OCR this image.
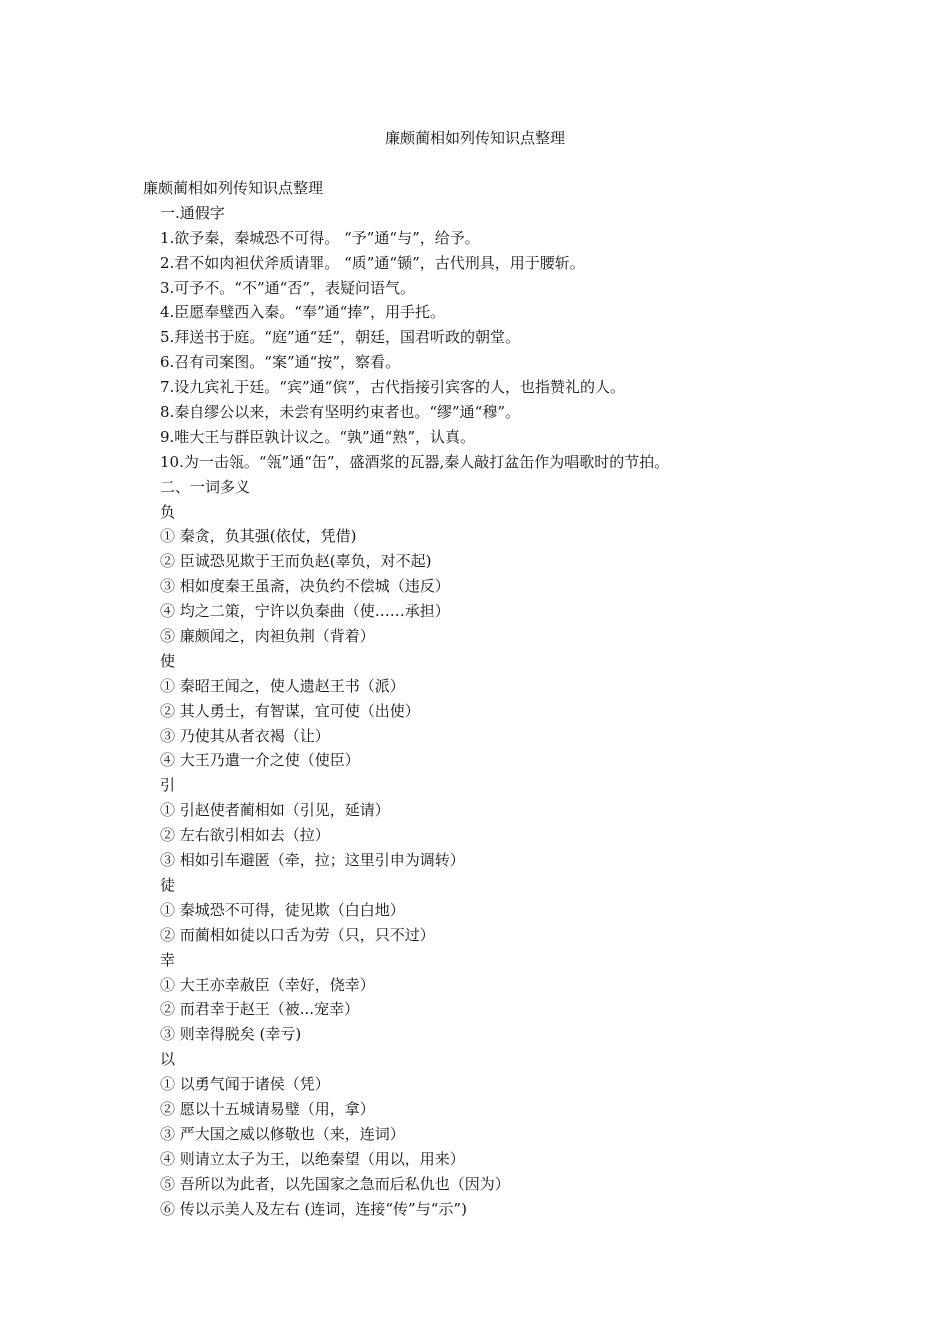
廉颇蔺相如列传知识点整理
廉颇蔺相如列传知识点整理
一.通假字
1.欲予秦，秦城恐不可得。 “予”通“与”，给予。
2.君不如肉袒伏斧质请罪。 “质”通“锧”，古代刑具，用于腰斩。
3.可予不。“不”通“否”，表疑问语气。
4.臣愿奉璧西入秦。“奉”通“捧”，用手托。
5.拜送书于庭。“庭”通“廷”，朝廷，国君听政的朝堂。
6.召有司案图。“案”通“按”，察看。
7.设九宾礼于廷。“宾”通“傧”，古代指接引宾客的人，也指赞礼的人。
8.秦自缪公以来，未尝有坚明约束者也。“缪”通“穆”。
9.唯大王与群臣孰计议之。“孰”通“熟”，认真。
10.为一击瓴。“瓴”通“缶”，盛酒浆的瓦器,秦人敲打盆缶作为唱歌时的节拍。
二、一词多义
负
① 秦贪，负其强(依仗，凭借)
② 臣诚恐见欺于王而负赵(辜负，对不起)
③ 相如度秦王虽斋，决负约不偿城（违反）
④ 均之二策，宁许以负秦曲（使……承担）
⑤ 廉颇闻之，肉袒负荆（背着）
使
① 秦昭王闻之，使人遗赵王书（派）
② 其人勇士，有智谋，宜可使（出使）
③ 乃使其从者衣褐（让）
④ 大王乃遣一介之使（使臣）
引
① 引赵使者蔺相如（引见，延请）
② 左右欲引相如去（拉）
③ 相如引车避匿（牵，拉；这里引申为调转）
徒
① 秦城恐不可得，徒见欺（白白地）
② 而蔺相如徒以口舌为劳（只，只不过）
幸
① 大王亦幸赦臣（幸好，侥幸）
② 而君幸于赵王（被...宠幸）
③ 则幸得脱矣 (幸亏)
以
① 以勇气闻于诸侯（凭）
② 愿以十五城请易璧（用，拿）
③ 严大国之威以修敬也（来，连词）
④ 则请立太子为王，以绝秦望（用以，用来）
⑤ 吾所以为此者，以先国家之急而后私仇也（因为）
⑥ 传以示美人及左右 (连词，连接“传”与“示”)
